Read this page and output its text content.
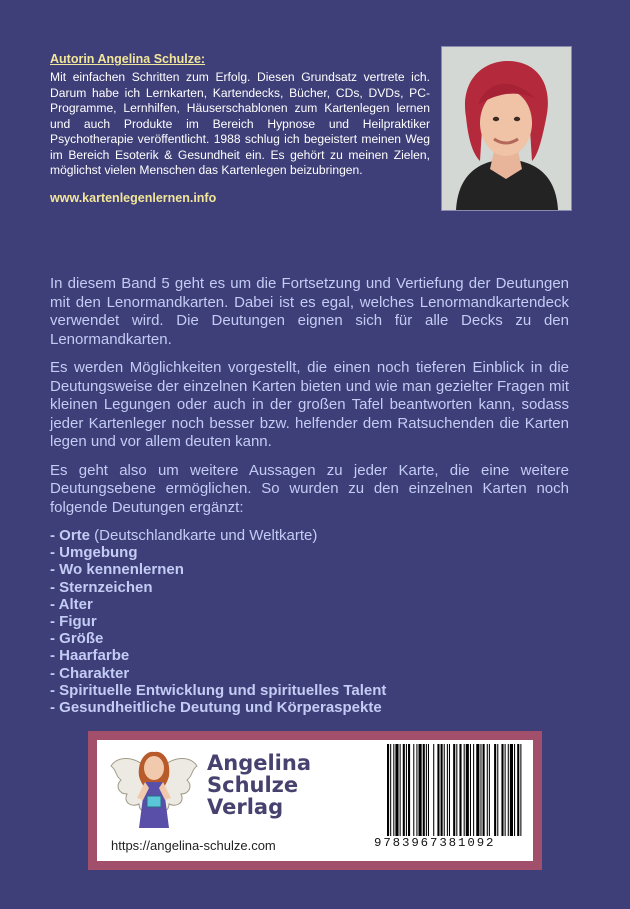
Autorin Angelina Schulze:

Mit einfachen Schritten zum Erfolg. Diesen Grundsatz vertrete ich. Darum habe ich Lernkarten, Kartendecks, Bücher, CDs, DVDs, PC-Programme, Lernhilfen, Häuserschablonen zum Kartenlegen lernen und auch Produkte im Bereich Hypnose und Heilpraktiker Psychotherapie veröffentlicht. 1988 schlug ich begeistert meinen Weg im Bereich Esoterik & Gesundheit ein. Es gehört zu meinen Zielen, möglichst vielen Menschen das Kartenlegen beizubringen.

www.kartenlegenlernen.info

In diesem Band 5 geht es um die Fortsetzung und Vertiefung der Deutungen mit den Lenormandkarten. Dabei ist es egal, welches Lenormandkartendeck verwendet wird. Die Deutungen eignen sich für alle Decks zu den Lenormandkarten.

Es werden Möglichkeiten vorgestellt, die einen noch tieferen Einblick in die Deutungsweise der einzelnen Karten bieten und wie man gezielter Fragen mit kleinen Legungen oder auch in der großen Tafel beantworten kann, sodass jeder Kartenleger noch besser bzw. helfender dem Ratsuchenden die Karten legen und vor allem deuten kann.

Es geht also um weitere Aussagen zu jeder Karte, die eine weitere Deutungsebene ermöglichen. So wurden zu den einzelnen Karten noch folgende Deutungen ergänzt:

- Orte (Deutschlandkarte und Weltkarte)
- Umgebung
- Wo kennenlernen
- Sternzeichen
- Alter
- Figur
- Größe
- Haarfarbe
- Charakter
- Spirituelle Entwicklung und spirituelles Talent
- Gesundheitliche Deutung und Körperaspekte
Angelina
Schulze
Verlag
https://angelina-schulze.com	9783967381092
